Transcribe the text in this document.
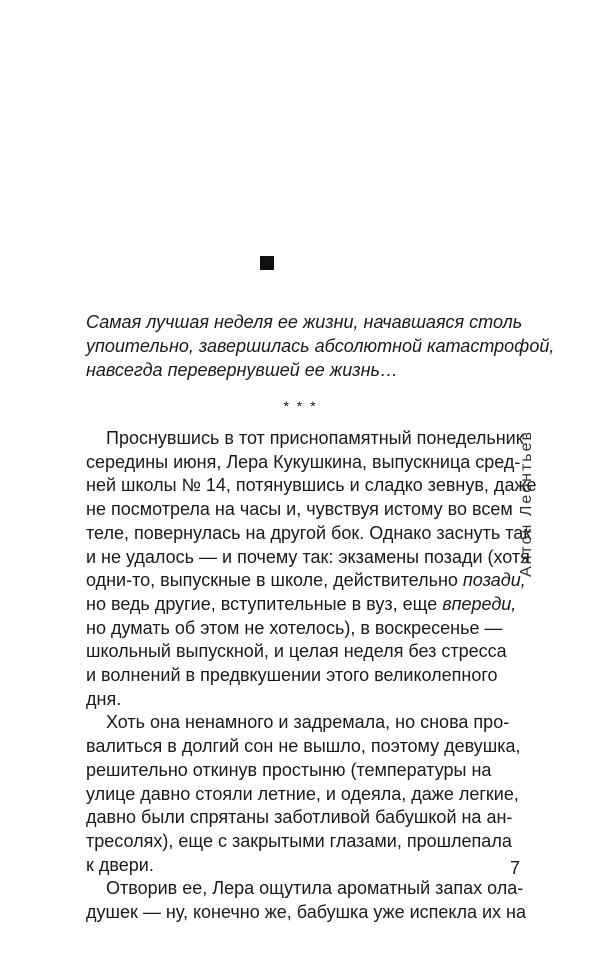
Самая лучшая неделя ее жизни, начавшаяся столь
упоительно, завершилась абсолютной катастрофой,
навсегда перевернувшей ее жизнь…
* * *
Проснувшись в тот приснопамятный понедельник
середины июня, Лера Кукушкина, выпускница сред-
ней школы № 14, потянувшись и сладко зевнув, даже
не посмотрела на часы и, чувствуя истому во всем
теле, повернулась на другой бок. Однако заснуть так
и не удалось — и почему так: экзамены позади (хотя
одни-то, выпускные в школе, действительно позади,
но ведь другие, вступительные в вуз, еще впереди,
но думать об этом не хотелось), в воскресенье —
школьный выпускной, и целая неделя без стресса
и волнений в предвкушении этого великолепного
дня.
Хоть она ненамного и задремала, но снова про-
валиться в долгий сон не вышло, поэтому девушка,
решительно откинув простыню (температуры на
улице давно стояли летние, и одеяла, даже легкие,
давно были спрятаны заботливой бабушкой на ан-
тресолях), еще с закрытыми глазами, прошлепала
к двери.
Отворив ее, Лера ощутила ароматный запах ола-
душек — ну, конечно же, бабушка уже испекла их на
Антон Леонтьев
7
